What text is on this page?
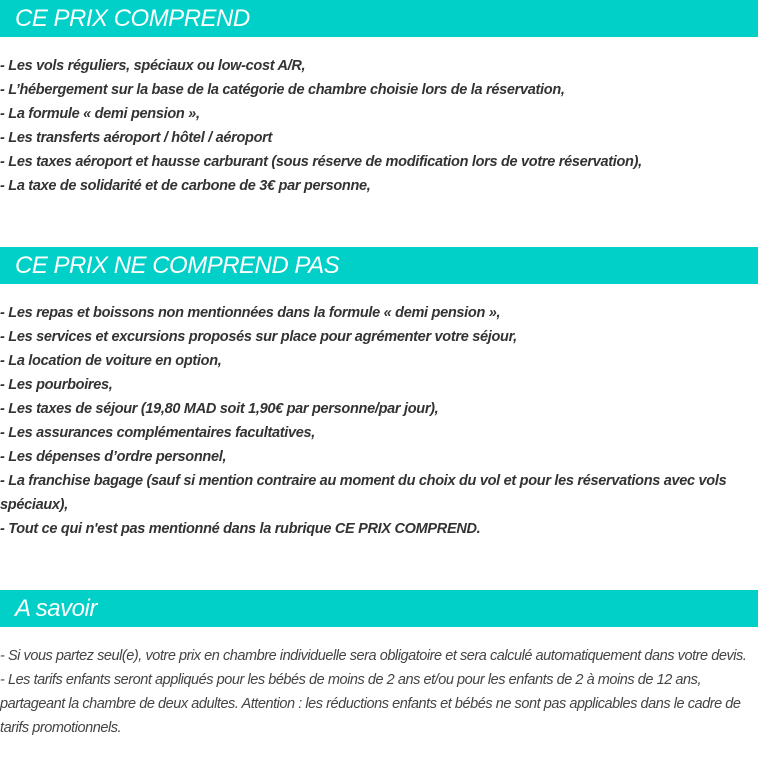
CE PRIX COMPREND
- Les vols réguliers, spéciaux ou low-cost A/R,
- L’hébergement sur la base de la catégorie de chambre choisie lors de la réservation,
- La formule « demi pension »,
- Les transferts aéroport / hôtel / aéroport
- Les taxes aéroport et hausse carburant (sous réserve de modification lors de votre réservation),
- La taxe de solidarité et de carbone de 3€ par personne,
CE PRIX NE COMPREND PAS
- Les repas et boissons non mentionnées dans la formule « demi pension »,
- Les services et excursions proposés sur place pour agrémenter votre séjour,
- La location de voiture en option,
- Les pourboires,
- Les taxes de séjour (19,80 MAD soit 1,90€ par personne/par jour),
- Les assurances complémentaires facultatives,
- Les dépenses d’ordre personnel,
- La franchise bagage (sauf si mention contraire au moment du choix du vol et pour les réservations avec vols spéciaux),
- Tout ce qui n'est pas mentionné dans la rubrique CE PRIX COMPREND.
A savoir
- Si vous partez seul(e), votre prix en chambre individuelle sera obligatoire et sera calculé automatiquement dans votre devis.
- Les tarifs enfants seront appliqués pour les bébés de moins de 2 ans et/ou pour les enfants de 2 à moins de 12 ans, partageant la chambre de deux adultes. Attention : les réductions enfants et bébés ne sont pas applicables dans le cadre de tarifs promotionnels.
